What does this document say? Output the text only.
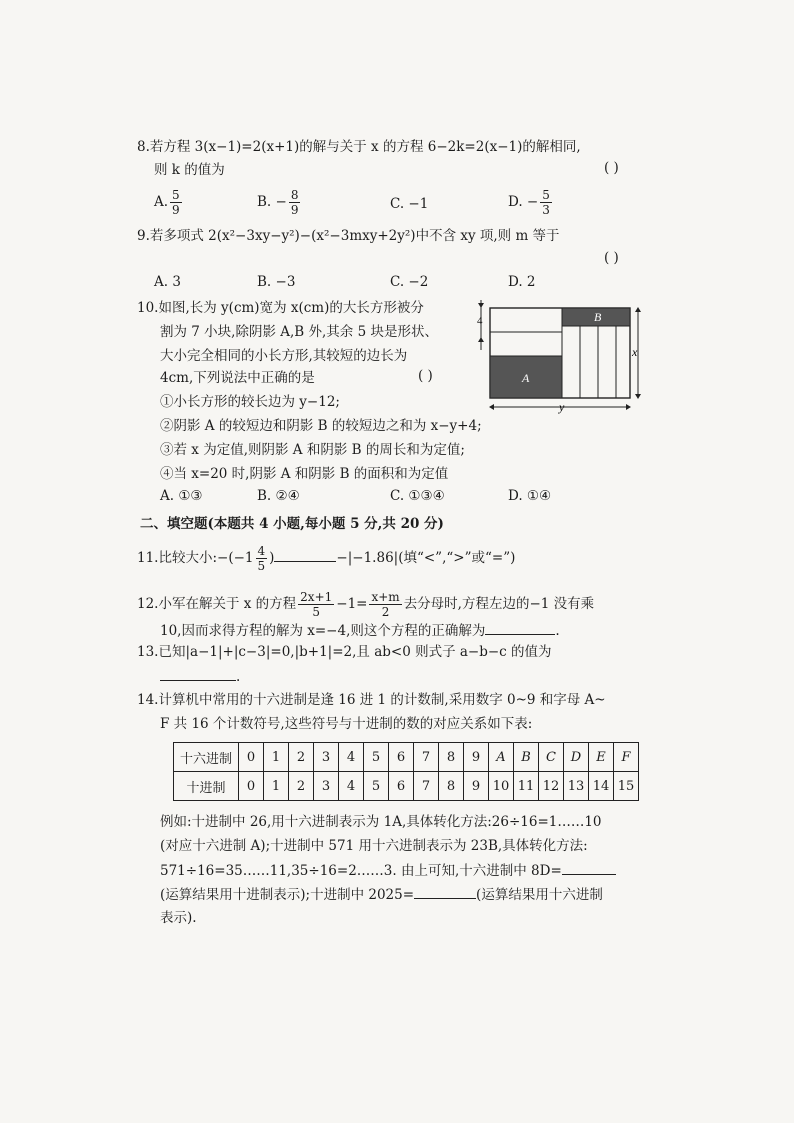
8.若方程 3(x−1)=2(x+1)的解与关于 x 的方程 6−2k=2(x−1)的解相同,
则 k 的值为	( )
A. $\frac{5}{9}$	B. − $\frac{8}{9}$	C. −1	D. − $\frac{5}{3}$
9.若多项式 2(x²−3xy−y²)−(x²−3mxy+2y²)中不含 xy 项,则 m 等于
( )
A. 3	B. −3	C. −2	D. 2
10.如图,长为 y(cm)宽为 x(cm)的大长方形被分
割为 7 小块,除阴影 A,B 外,其余 5 块是形状、
大小完全相同的小长方形,其较短的边长为
4cm,下列说法中正确的是	( )
①小长方形的较长边为 y−12;
②阴影 A 的较短边和阴影 B 的较短边之和为 x−y+4;
③若 x 为定值,则阴影 A 和阴影 B 的周长和为定值;
④当 x=20 时,阴影 A 和阴影 B 的面积和为定值
A. ①③	B. ②④	C. ①③④	D. ①④
4
A
B
x
y
二、填空题(本题共 4 小题,每小题 5 分,共 20 分)
11.比较大小:−(−1 $\frac{4}{5}$ )	−|−1.86|(填“<”,“>”或“=”)
12.小军在解关于 x 的方程 $\frac{2x+1}{5} -1= \frac{x+m}{2}$ 去分母时,方程左边的−1 没有乘
10,因而求得方程的解为 x=−4,则这个方程的正确解为	.
13.已知|a−1|+|c−3|=0,|b+1|=2,且 ab<0 则式子 a−b−c 的值为
.
14.计算机中常用的十六进制是逢 16 进 1 的计数制,采用数字 0~9 和字母 A~
F 共 16 个计数符号,这些符号与十进制的数的对应关系如下表:
十六进制	0	1	2	3	4	5	6	7	8	9	A	B	C	D	E	F
十进制	0	1	2	3	4	5	6	7	8	9	10	11	12	13	14	15
例如:十进制中 26,用十六进制表示为 1A,具体转化方法:26÷16=1……10
(对应十六进制 A);十进制中 571 用十六进制表示为 23B,具体转化方法:
571÷16=35……11,35÷16=2……3. 由上可知,十六进制中 8D=
(运算结果用十进制表示);十进制中 2025=	(运算结果用十六进制
表示).
